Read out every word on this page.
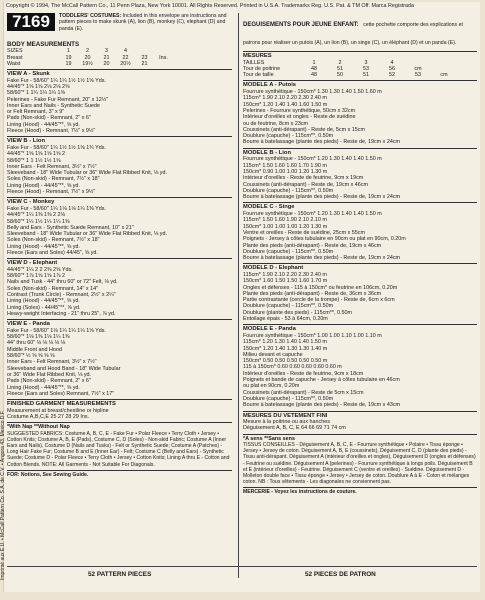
Copyright © 1994, The McCall Pattern Co., 11 Penn Plaza, New York 10001. All Rights Reserved. Printed in U.S.A. Trademarks Reg. U.S. Pat. & TM Off. Marca Registrada
Imprimé aux E.U. • McCall Pattern Co. S.A. de C.V. • Angora 43, Mexico D.F.
7169	TODDLERS' COSTUMES: Included in this envelope are instructions and pattern pieces to make skunk (A), lion (B), monkey (C), elephant (D) and panda (E).
BODY MEASUREMENTS
SIZES	1	2	3	4
Breast	19	20	21	22	23	Ins.
Waist	19	19½	20	20½	21
VIEW A - Skunk
Fake Fur - 58/60" 1¼ 1¼ 1½ 1½ 1⅝ Yds.
44/45"* 1⅝ 1⅝ 2⅛ 2⅛ 2⅝
58/60"* 1 1¼ 1¼ 1¼ 1⅝
Pelerines - Fake Fur Remnant, 20" x 12½"
Inner Ears and Nails - Synthetic Suede
or Felt Remnant, 3" x 9"
Pads (Non-skid) - Remnant, 2" x 6"
Lining (Hood) - 44/45"**, ⅝ yd.
Fleece (Hood) - Remnant, 7½" x 9½"
VIEW B - Lion
Fake Fur - 58/60" 1¼ 1½ 1½ 1⅝ 1¾ Yds.
44/45"* 1⅝ 1⅝ 1⅝ 1⅝ 2
58/60"* 1 1 1½ 1½ 1⅝
Inner Ears - Felt Remnant, 3½" x 7½"
Sleeveband - 18" Wide Tubular or 36" Wide Flat Ribbed Knit, ⅛ yd.
Soles (Non-skid) - Remnant, 7½" x 18"
Lining (Hood) - 44/45"**, ⅝ yd.
Fleece (Hood) - Remnant, 7½" x 9½"
VIEW C - Monkey
Fake Fur - 58/60" 1¼ 1⅛ 1⅛ 1¼ 1⅜ Yds.
44/45"* 1¼ 1⅜ 1⅜ 2 2⅛
58/60"* 1¼ 1½ 1¼ 1¼ 1⅜
Belly and Ears - Synthetic Suede Remnant, 10" x 21"
Sleeveband - 18" Wide Tubular or 36" Wide Flat Ribbed Knit, ⅛ yd.
Soles (Non-skid) - Remnant, 7½" x 18"
Lining (Hood) - 44/45"**, ⅝ yd.
Fleece (Ears and Soles) 44/45", ⅝ yd.
VIEW D - Elephant
44/45"* 1¼ 2 2 2⅜ 2⅝ Yds.
58/60"* 1⅞ 1⅝ 1⅝ 1⅞ 2
Nails and Tusk - 44" thru 60" or 72" Felt, ⅛ yd.
Soles (Non-skid) - Remnant, 14" x 14"
Contrast (Trunk Circle) - Remnant, 2½" x 2¼"
Lining (Hood) - 44/45"**, ⅝ yd.
Lining (Soles) - 44/45"**, ⅝ yd.
Heavy-weight Interfacing - 21" thru 25", ⅞ yd.
VIEW E - Panda
Fake Fur - 58/60" 1⅛ 1¼ 1¼ 1¼ 1⅝ Yds.
58/60"* 1⅛ 1⅜ 1⅛ 1¼ 1⅜
44" thru 60" ⅛ ⅛ ⅛ ⅛ ⅛
Middle Front and Hood
58/60"* ½ ⅝ ⅝ ⅝ ⅝
Inner Ears - Felt Remnant, 3½" x 7½"
Sleeveband and Hood Band - 18" Wide Tubular
or 36" Wide Flat Ribbed Knit, ⅛ yd.
Pads (Non-skid) - Remnant, 2" x 6"
Lining (Hood) - 44/45"**, ⅝ yd.
Fleece (Ears and Soles) Remnant, 7½" x 17"
FINISHED GARMENT MEASUREMENTS
Measurement at breast/chestline or hipline
Costume A,B,C,E 25 27 28 29 Ins.
*With Nap **Without Nap
SUGGESTED FABRICS: Costume A, B, C, E - Fake Fur • Polar Fleece • Terry Cloth • Jersey • Cotton Knits; Costume A, B, E (Pads), Costume C, D (Soles) - Non-skid Fabric; Costume A (Inner Ears and Nails), Costume D (Nails and Tusks) - Felt or Synthetic Suede; Costume A (Patches) - Long Hair Fake Fur; Costume B and E (Inner Ear) - Felt; Costume C (Belly and Ears) - Synthetic Suede; Costume D - Polar Fleece • Terry Cloth • Jersey • Cotton Knits; Lining A thru E - Cotton and Cotton Blends. NOTE: All Garments - Not Suitable For Diagonals.
FOR: Notions, See Sewing Guide.
DEGUISEMENTS POUR JEUNE ENFANT: cette pochette comporte des explications et patrons pour réaliser un putois (A), un lion (B), un singe (C), un éléphant (D) et un panda (E).
MESURES
TAILLES	1	2	3	4
Tour de poitrine	48	51	53	56	cm
Tour de taille	48	50	51	52	53	cm
MODELE A - Putois
Fourrure synthétique - 150cm* 1.30 1.30 1.40 1.50 1.60 m
115cm* 1.90 2.10 2.20 2.30 2.40 m
150cm* 1.20 1.40 1.40 1.60 1.50 m
Pelerines - Fourrure synthétique, 50cm x 32cm
Intérieur d'oreilles et ongles - Reste de suédine
ou de feutrine, 8cm x 23cm
Coussinets (anti-dérapant) - Reste de, 5cm x 15cm
Doublure (capuche) - 115cm**, 0.50m
Bourre à batelassage (plante des pieds) - Reste de, 19cm x 24cm
MODELE B - Lion
Fourrure synthétique - 150cm* 1.20 1.30 1.40 1.40 1.50 m
115cm* 1.50 1.60 1.60 1.70 1.90 m
150cm* 0.90 1.00 1.00 1.20 1.30 m
Intérieur d'oreilles - Reste de feutrine, 9cm x 19cm
Coussinets (anti-dérapant) - Reste de, 19cm x 46cm
Doublure (capuche) - 115cm**, 0.50m
Bourre à batelassage (plante des pieds) - Reste de, 19cm x 24cm
MODELE C - Singe
Fourrure synthétique - 150cm* 1.20 1.30 1.40 1.40 1.50 m
115cm* 1.50 1.60 1.90 2.10 2.10 m
150cm* 1.00 1.00 1.00 1.20 1.30 m
Ventre et oreilles - Reste de suédine, 25cm x 55cm
Poignets - Jersey à côtes tubulaire en 90cm ou plat en 90cm, 0.20m
Plante des pieds (anti-dérapant) - Reste de, 19cm x 46cm
Doublure (capuche) - 115cm**, 0.50m
Bourre à batelassage (plante des pieds) - Reste de, 19cm x 24cm
MODELE D - Elephant
115cm* 1.90 2.10 2.20 2.30 2.40 m
150cm* 1.60 1.50 1.50 1.60 1.70 m
Ongles et défenses - 115 à 150cm* ou feutrine en 106cm, 0.20m
Plante des pieds (anti-dérapant) - Reste de, 36cm x 36cm
Partie contrastante (cercle de la trompe) - Reste de, 6cm x 6cm
Doublure (capuche) - 115cm**, 0.50m
Doublure (plante des pieds) - 115cm**, 0.50m
Entoilage épais - 53 à 64cm, 0.20m
MODELE E - Panda
Fourrure synthétique - 150cm* 1.00 1.00 1.10 1.00 1.10 m
115cm* 1.20 1.30 1.40 1.40 1.50 m
150cm* 1.20 1.40 1.30 1.30 1.40 m
Milieu devant et capuche
150cm* 0.50 0.50 0.50 0.50 0.50 m
115 à 150cm* 0.60 0.60 0.60 0.60 0.60 m
Intérieur d'oreilles - Reste de feutrine, 9cm x 18cm
Poignets et bande de capuche - Jersey à côtes tubulaire en 46cm
ou plat en 90cm, 0.20m
Coussinets (anti-dérapant) - Reste de 5cm x 15cm
Doublure (capuche) - 115cm**, 0.50m
Bourre à batelassage (plante des pieds) - Reste de, 19cm x 43cm
MESURES DU VETEMENT FINI
Mesure à la poitrine ou aux hanches
Déguisement A, B, C, E 64 66 69 71 74 cm
*A sens **Sans sens
TISSUS CONSEILLES - Déguisement A, B, C, E - Fourrure synthétique • Polaire • Tissu éponge • Jersey • Jersey de coton. Déguisement A, B, E (coussinets), Déguisement C, D (plante des pieds) - Tissu anti-dérapant. Déguisement A (intérieur d'oreilles et ongles), Déguisement D (ongles et défenses) - Feutrine ou suédine. Déguisement A (pelerines) - Fourrure synthétique à longs poils. Déguisement B et E (intérieur d'oreilles) - Feutrine. Déguisement C (ventre et oreilles) - Suédine. Déguisement D - Molleton double face • Tissu éponge • Jersey • Jersey de coton. Doublure A à E - Coton et mélanges coton. NB : Tous vêtements - Les diagonales ne conviennent pas.
MERCERIE - Voyez les instructions de couture.
52 PATTERN PIECES	52 PIECES DE PATRON
